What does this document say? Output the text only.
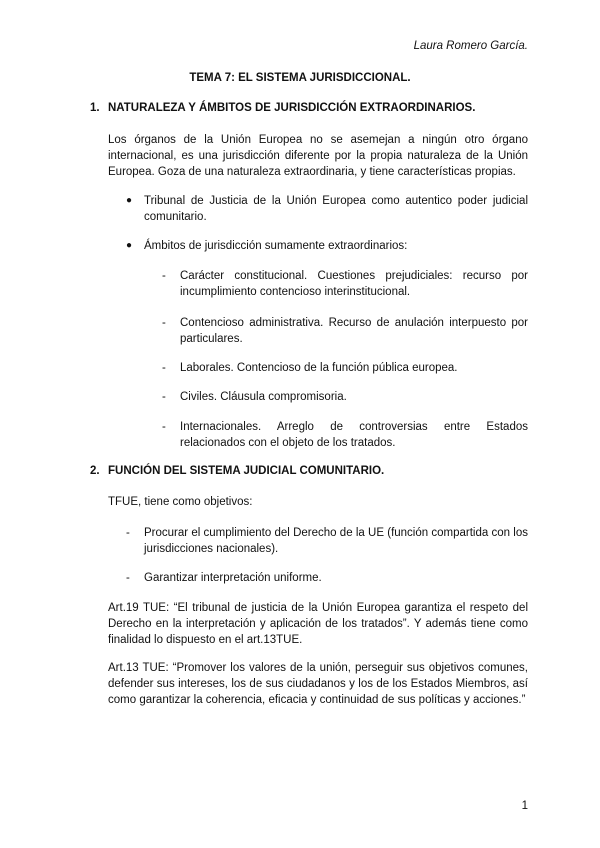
Laura Romero García.
TEMA 7: EL SISTEMA JURISDICCIONAL.
1. NATURALEZA Y ÁMBITOS DE JURISDICCIÓN EXTRAORDINARIOS.

Los órganos de la Unión Europea no se asemejan a ningún otro órgano internacional, es una jurisdicción diferente por la propia naturaleza de la Unión Europea. Goza de una naturaleza extraordinaria, y tiene características propias.

● Tribunal de Justicia de la Unión Europea como autentico poder judicial comunitario.
● Ámbitos de jurisdicción sumamente extraordinarios:
- Carácter constitucional. Cuestiones prejudiciales: recurso por incumplimiento contencioso interinstitucional.
- Contencioso administrativa. Recurso de anulación interpuesto por particulares.
- Laborales. Contencioso de la función pública europea.
- Civiles. Cláusula compromisoria.
- Internacionales. Arreglo de controversias entre Estados relacionados con el objeto de los tratados.
2. FUNCIÓN DEL SISTEMA JUDICIAL COMUNITARIO.

TFUE, tiene como objetivos:

- Procurar el cumplimiento del Derecho de la UE (función compartida con los jurisdicciones nacionales).
- Garantizar interpretación uniforme.

Art.19 TUE: “El tribunal de justicia de la Unión Europea garantiza el respeto del Derecho en la interpretación y aplicación de los tratados”. Y además tiene como finalidad lo dispuesto en el art.13TUE.

Art.13 TUE: “Promover los valores de la unión, perseguir sus objetivos comunes, defender sus intereses, los de sus ciudadanos y los de los Estados Miembros, así como garantizar la coherencia, eficacia y continuidad de sus políticas y acciones.”

1
